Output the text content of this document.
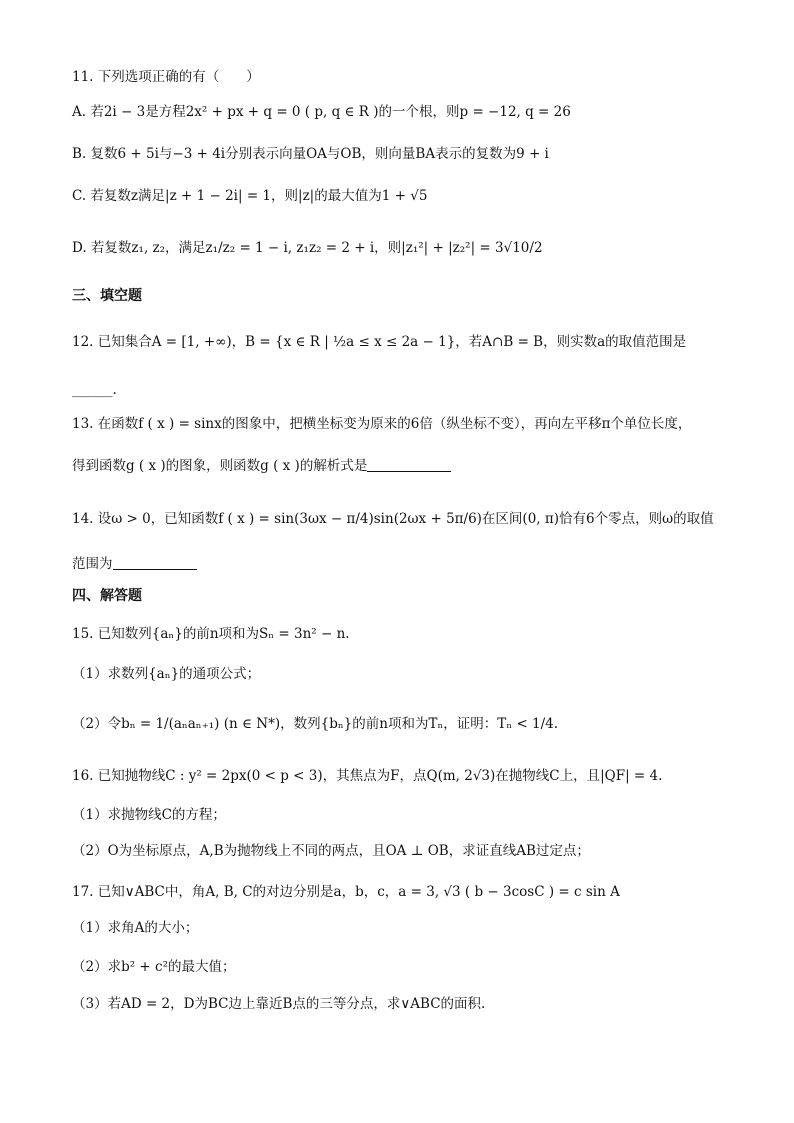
11. 下列选项正确的有（　　）
A. 若2i − 3是方程2x² + px + q = 0 ( p, q ∈ R )的一个根，则p = −12, q = 26
B. 复数6 + 5i与−3 + 4i分别表示向量OA与OB，则向量BA表示的复数为9 + i
C. 若复数z满足|z + 1 − 2i| = 1，则|z|的最大值为1 + √5
D. 若复数z₁, z₂，满足z₁/z₂ = 1 − i, z₁z₂ = 2 + i，则|z₁²| + |z₂²| = 3√10/2
三、填空题
12. 已知集合A = [1, +∞)，B = {x ∈ R | ½a ≤ x ≤ 2a − 1}，若A∩B = B，则实数a的取值范围是
______.
13. 在函数f ( x ) = sinx的图象中，把横坐标变为原来的6倍（纵坐标不变），再向左平移π个单位长度，
得到函数g ( x )的图象，则函数g ( x )的解析式是
14. 设ω > 0，已知函数f ( x ) = sin(3ωx − π/4)sin(2ωx + 5π/6)在区间(0, π)恰有6个零点，则ω的取值
范围为
四、解答题
15. 已知数列{aₙ}的前n项和为Sₙ = 3n² − n.
（1）求数列{aₙ}的通项公式；
（2）令bₙ = 1/(aₙaₙ₊₁) (n ∈ N*)，数列{bₙ}的前n项和为Tₙ，证明：Tₙ < 1/4.
16. 已知抛物线C : y² = 2px(0 < p < 3)，其焦点为F，点Q(m, 2√3)在抛物线C上，且|QF| = 4.
（1）求抛物线C的方程；
（2）O为坐标原点，A,B为抛物线上不同的两点，且OA ⊥ OB，求证直线AB过定点；
17. 已知∨ABC中，角A, B, C的对边分别是a，b，c，a = 3, √3 ( b − 3cosC ) = c sin A
（1）求角A的大小；
（2）求b² + c²的最大值；
（3）若AD = 2，D为BC边上靠近B点的三等分点，求∨ABC的面积.
